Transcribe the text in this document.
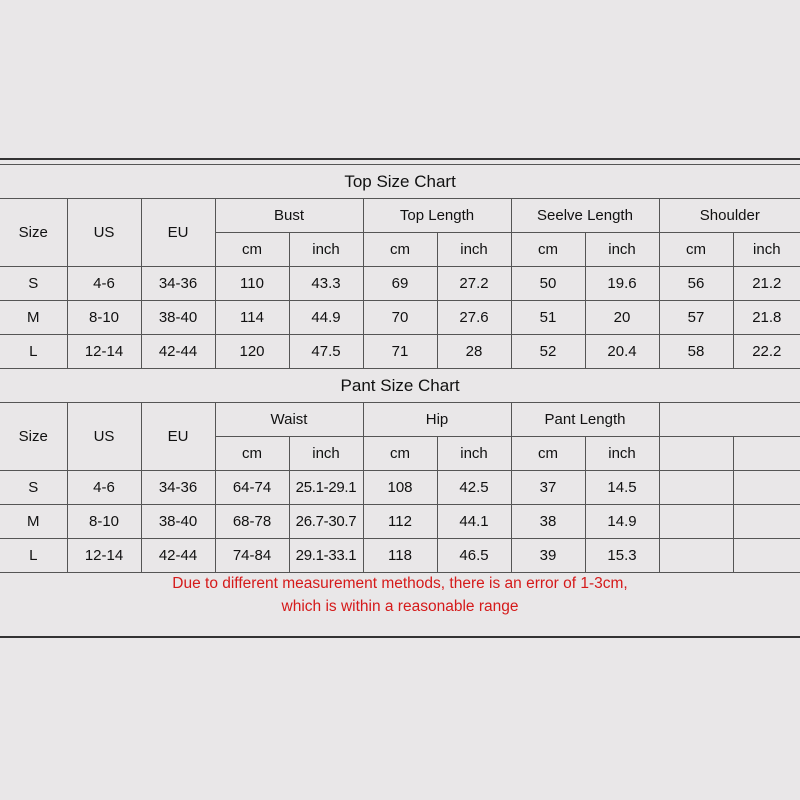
Top Size Chart										
Size	US	EU	Bust		Top Length		Seelve Length		Shoulder	
			cm	inch	cm	inch	cm	inch	cm	inch
S	4-6	34-36	110	43.3	69	27.2	50	19.6	56	21.2
M	8-10	38-40	114	44.9	70	27.6	51	20	57	21.8
L	12-14	42-44	120	47.5	71	28	52	20.4	58	22.2
Pant Size Chart										
Size	US	EU	Waist		Hip		Pant Length			
			cm	inch	cm	inch	cm	inch		
S	4-6	34-36	64-74	25.1-29.1	108	42.5	37	14.5		
M	8-10	38-40	68-78	26.7-30.7	112	44.1	38	14.9		
L	12-14	42-44	74-84	29.1-33.1	118	46.5	39	15.3		
Due to different measurement methods, there is an error of 1-3cm,
which is within a reasonable range
